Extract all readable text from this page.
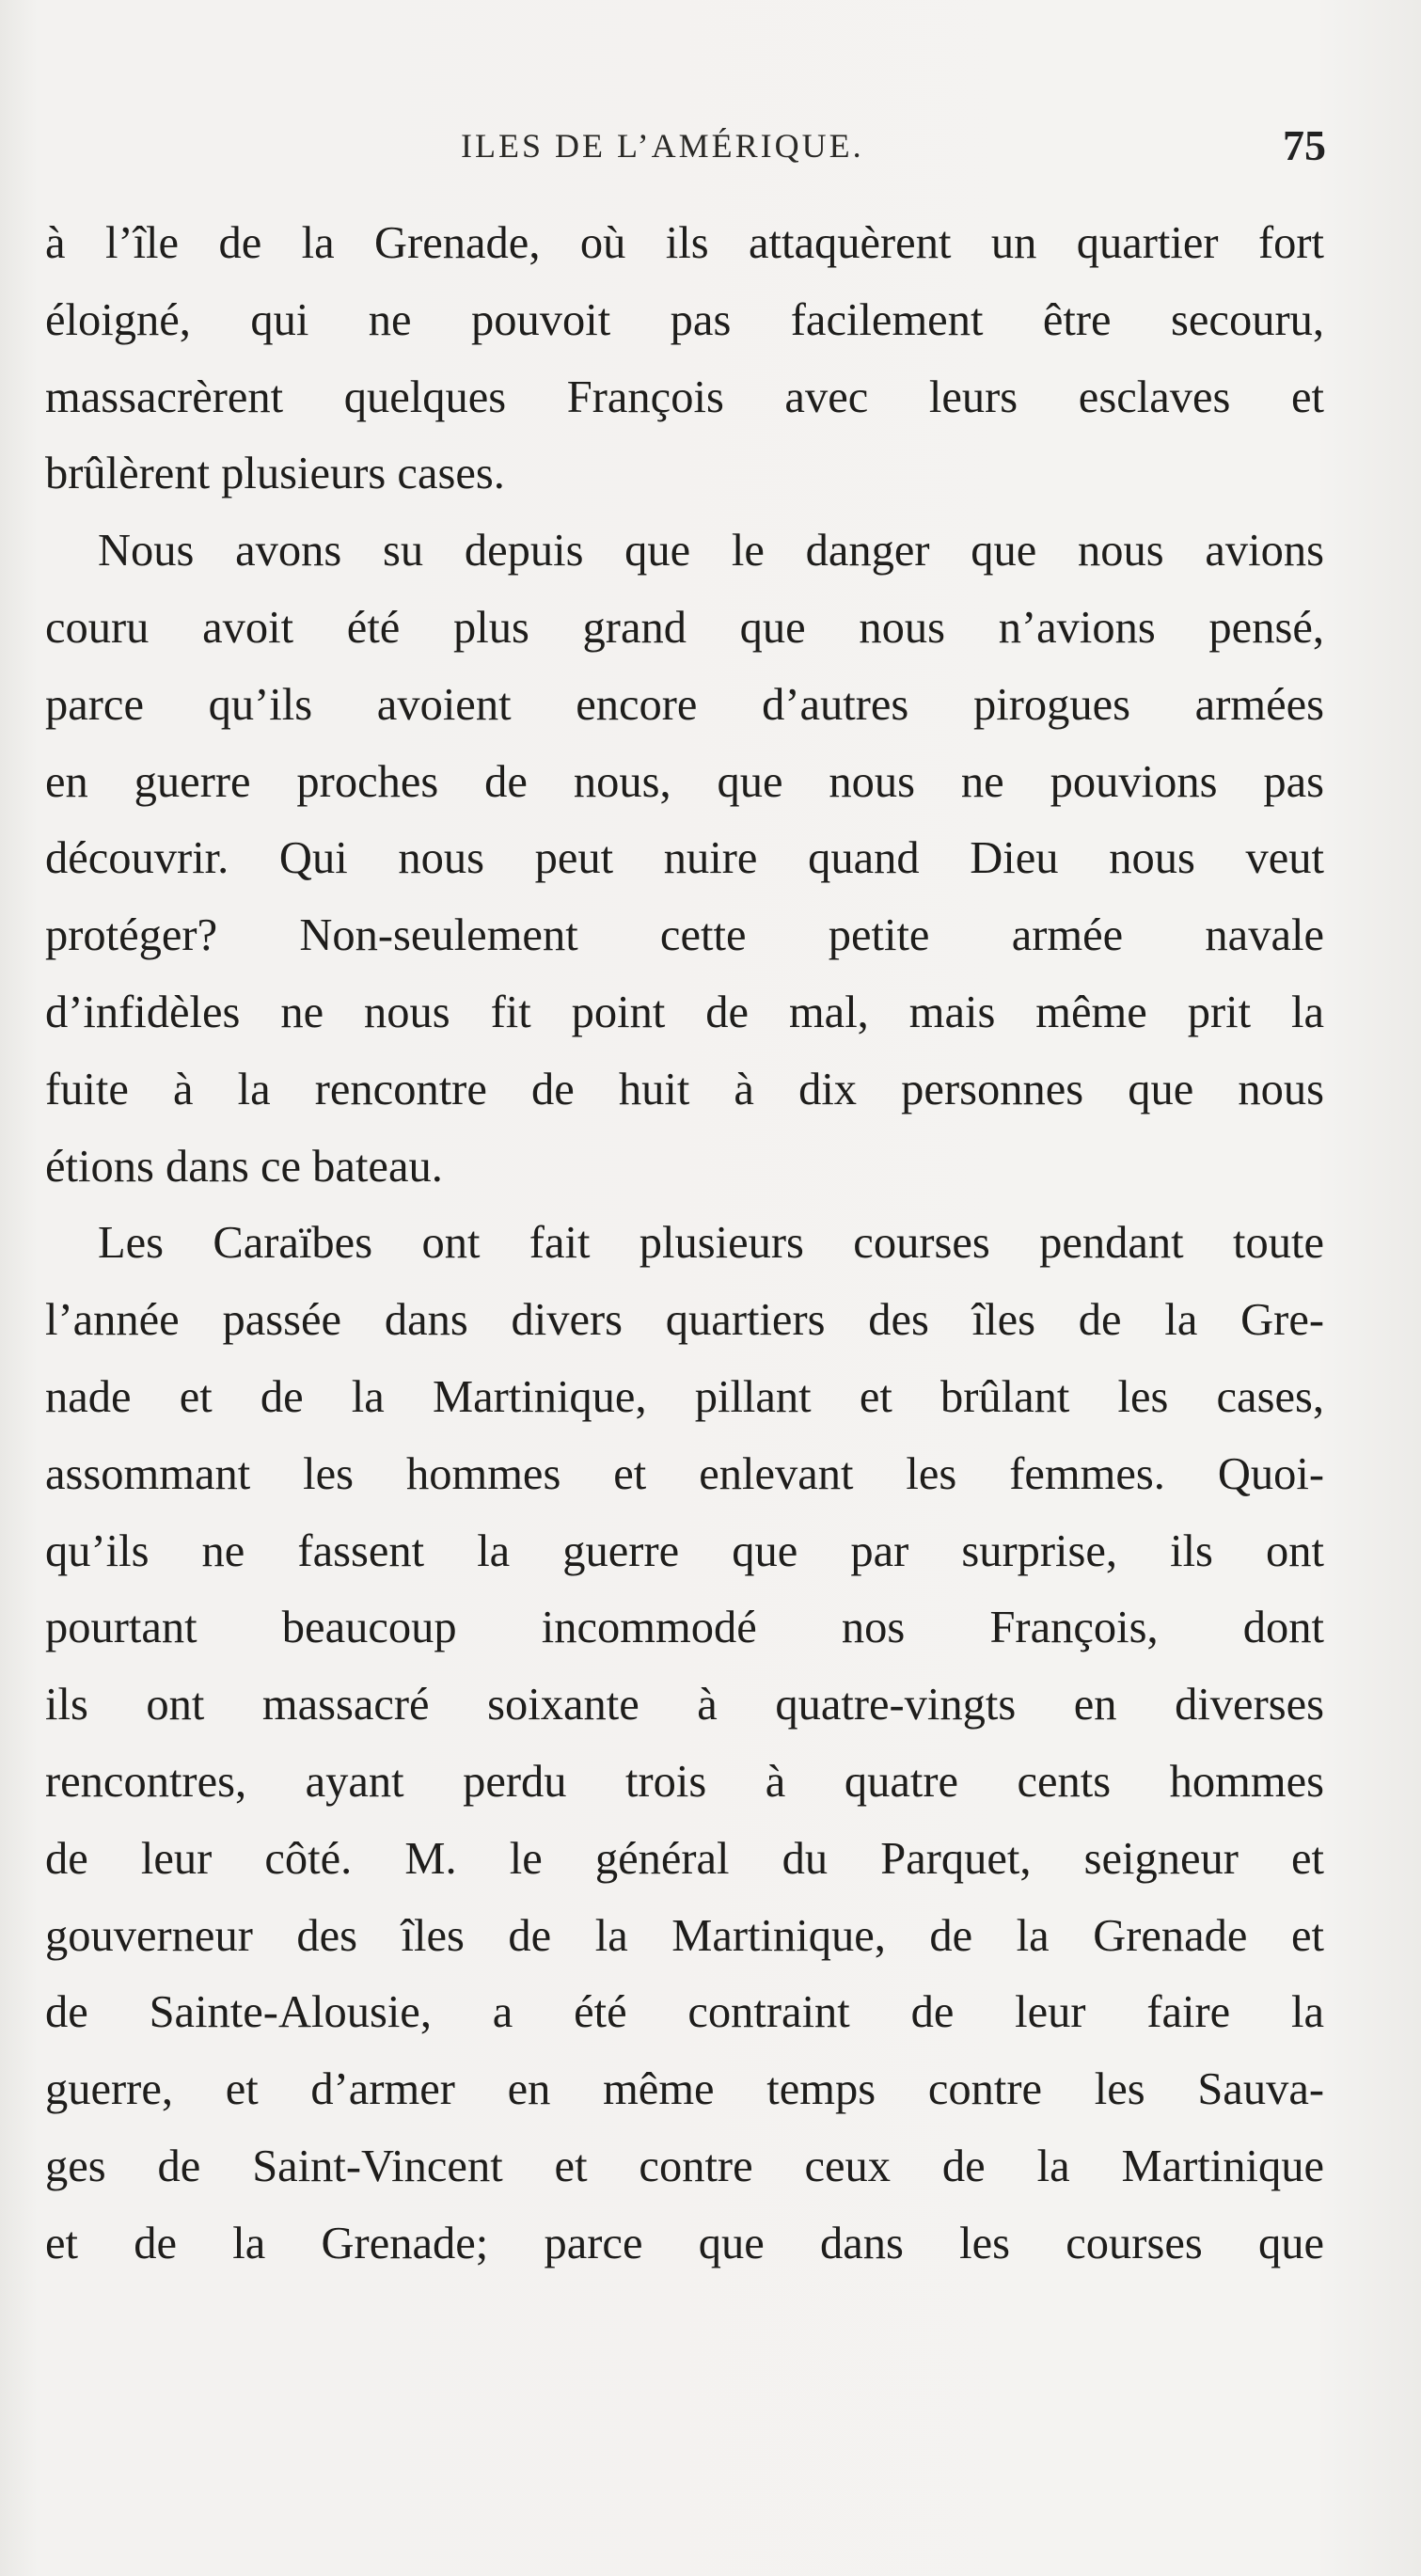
ILES DE L’AMÉRIQUE.	75
à l’île de la Grenade, où ils attaquèrent un quartier fort
éloigné, qui ne pouvoit pas facilement être secouru,
massacrèrent quelques François avec leurs esclaves et
brûlèrent plusieurs cases.
Nous avons su depuis que le danger que nous avions
couru avoit été plus grand que nous n’avions pensé,
parce qu’ils avoient encore d’autres pirogues armées
en guerre proches de nous, que nous ne pouvions pas
découvrir. Qui nous peut nuire quand Dieu nous veut
protéger? Non-seulement cette petite armée navale
d’infidèles ne nous fit point de mal, mais même prit la
fuite à la rencontre de huit à dix personnes que nous
étions dans ce bateau.
Les Caraïbes ont fait plusieurs courses pendant toute
l’année passée dans divers quartiers des îles de la Gre-
nade et de la Martinique, pillant et brûlant les cases,
assommant les hommes et enlevant les femmes. Quoi-
qu’ils ne fassent la guerre que par surprise, ils ont
pourtant beaucoup incommodé nos François, dont
ils ont massacré soixante à quatre-vingts en diverses
rencontres, ayant perdu trois à quatre cents hommes
de leur côté. M. le général du Parquet, seigneur et
gouverneur des îles de la Martinique, de la Grenade et
de Sainte-Alousie, a été contraint de leur faire la
guerre, et d’armer en même temps contre les Sauva-
ges de Saint-Vincent et contre ceux de la Martinique
et de la Grenade; parce que dans les courses que
